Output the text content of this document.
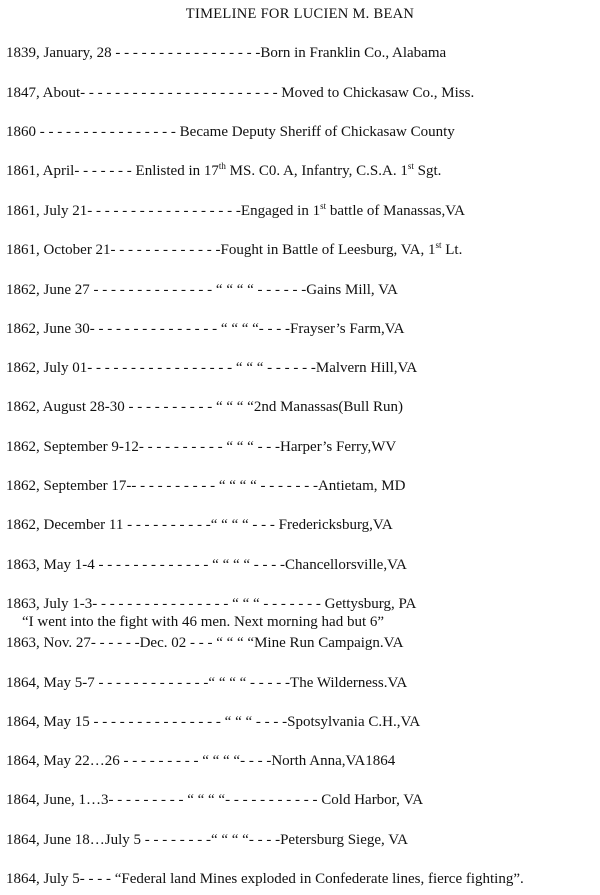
TIMELINE FOR LUCIEN M. BEAN
1839, January, 28 - - - - - - - - - - - - - - - - -Born in Franklin Co., Alabama
1847, About- - - - - - - - - - - - - - - - - - - - - - - Moved to Chickasaw Co., Miss.
1860 - - - - - - - - - - - - - - - - Became Deputy Sheriff of Chickasaw County
1861, April- - - - - - - Enlisted in 17th MS. C0. A, Infantry, C.S.A. 1st Sgt.
1861, July 21- - - - - - - - - - - - - - - - - -Engaged in 1st battle of Manassas,VA
1861, October 21- - - - - - - - - - - - -Fought in Battle of Leesburg, VA, 1st Lt.
1862, June 27 - - - - - - - - - - - - - - “ “ “ “ - - - - - -Gains Mill, VA
1862, June 30- - - - - - - - - - - - - - - “ “ “ “- - - -Frayser’s Farm,VA
1862, July 01- - - - - - - - - - - - - - - - - “ “ “ - - - - - -Malvern Hill,VA
1862, August 28-30 - - - - - - - - - - “ “ “ “2nd Manassas(Bull Run)
1862, September 9-12- - - - - - - - - - “ “ “ - - -Harper’s Ferry,WV
1862, September 17-- - - - - - - - - - “ “ “ “ - - - - - - -Antietam, MD
1862, December 11 - - - - - - - - - -“ “ “ “ - - - Fredericksburg,VA
1863, May 1-4 - - - - - - - - - - - - - “ “ “ “ - - - -Chancellorsville,VA
1863, July 1-3- - - - - - - - - - - - - - - - “ “ “ - - - - - - - Gettysburg, PA
“I went into the fight with 46 men. Next morning had but 6”
1863, Nov. 27- - - - - -Dec. 02 - - - “ “ “ “Mine Run Campaign.VA
1864, May 5-7 - - - - - - - - - - - - -“ “ “ “ - - - - -The Wilderness.VA
1864, May 15 - - - - - - - - - - - - - - - “ “ “ - - - -Spotsylvania C.H.,VA
1864, May 22…26 - - - - - - - - - “ “ “ “- - - -North Anna,VA1864
1864, June, 1…3- - - - - - - - - “ “ “ “- - - - - - - - - - - Cold Harbor, VA
1864, June 18…July 5 - - - - - - - -“ “ “ “- - - -Petersburg Siege, VA
1864, July 5- - - - “Federal land Mines exploded in Confederate lines, fierce fighting”.
